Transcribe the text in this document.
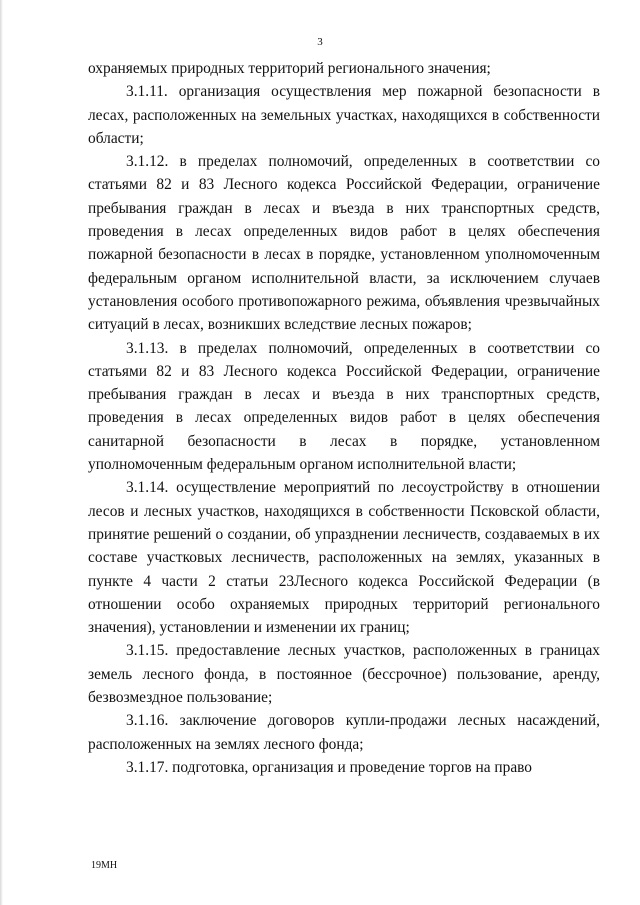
3

охраняемых природных территорий регионального значения;

3.1.11. организация осуществления мер пожарной безопасности в лесах, расположенных на земельных участках, находящихся в собственности области;

3.1.12. в пределах полномочий, определенных в соответствии со статьями 82 и 83 Лесного кодекса Российской Федерации, ограничение пребывания граждан в лесах и въезда в них транспортных средств, проведения в лесах определенных видов работ в целях обеспечения пожарной безопасности в лесах в порядке, установленном уполномоченным федеральным органом исполнительной власти, за исключением случаев установления особого противопожарного режима, объявления чрезвычайных ситуаций в лесах, возникших вследствие лесных пожаров;

3.1.13. в пределах полномочий, определенных в соответствии со статьями 82 и 83 Лесного кодекса Российской Федерации, ограничение пребывания граждан в лесах и въезда в них транспортных средств, проведения в лесах определенных видов работ в целях обеспечения санитарной безопасности в лесах в порядке, установленном уполномоченным федеральным органом исполнительной власти;

3.1.14. осуществление мероприятий по лесоустройству в отношении лесов и лесных участков, находящихся в собственности Псковской области, принятие решений о создании, об упразднении лесничеств, создаваемых в их составе участковых лесничеств, расположенных на землях, указанных в пункте 4 части 2 статьи 23Лесного кодекса Российской Федерации (в отношении особо охраняемых природных территорий регионального значения), установлении и изменении их границ;

3.1.15. предоставление лесных участков, расположенных в границах земель лесного фонда, в постоянное (бессрочное) пользование, аренду, безвозмездное пользование;

3.1.16. заключение договоров купли-продажи лесных насаждений, расположенных на землях лесного фонда;

3.1.17. подготовка, организация и проведение торгов на право

19МН
